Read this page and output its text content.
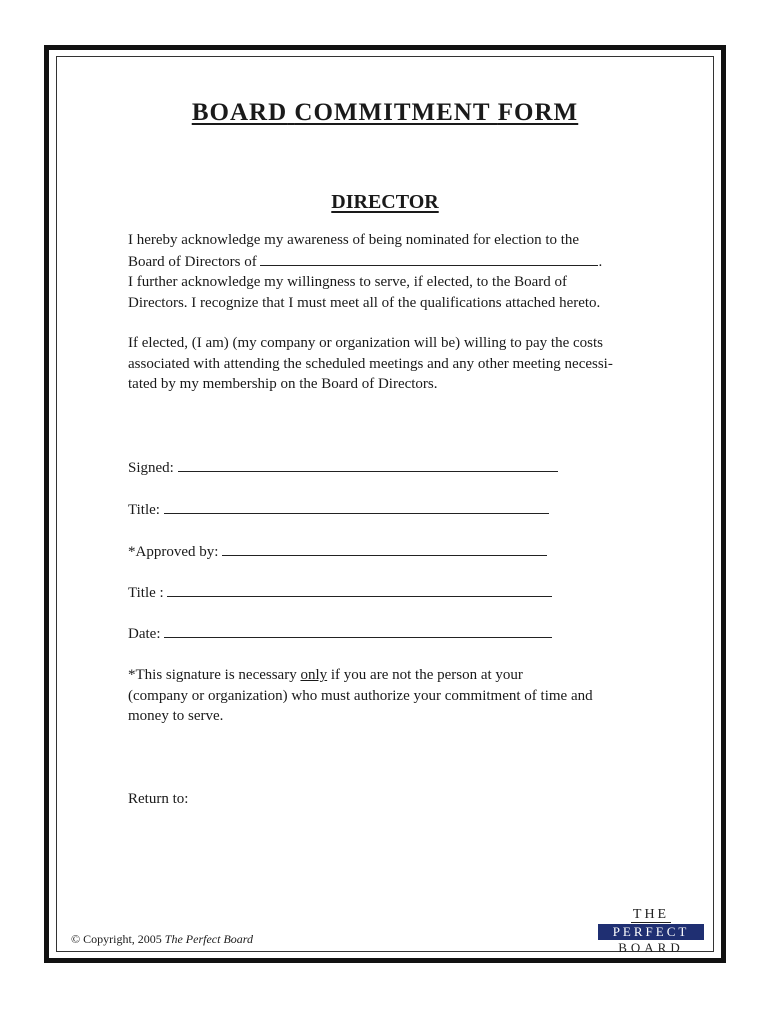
BOARD COMMITMENT FORM
DIRECTOR
I hereby acknowledge my awareness of being nominated for election to the
Board of Directors of	.
I further acknowledge my willingness to serve, if elected, to the Board of
Directors. I recognize that I must meet all of the qualifications attached hereto.
If elected, (I am) (my company or organization will be) willing to pay the costs
associated with attending the scheduled meetings and any other meeting necessi-
tated by my membership on the Board of Directors.
Signed:
Title:
*Approved by:
Title :
Date:
*This signature is necessary only if you are not the person at your
(company or organization) who must authorize your commitment of time and
money to serve.
Return to:
© Copyright, 2005 The Perfect Board
THE
PERFECT
BOARD
